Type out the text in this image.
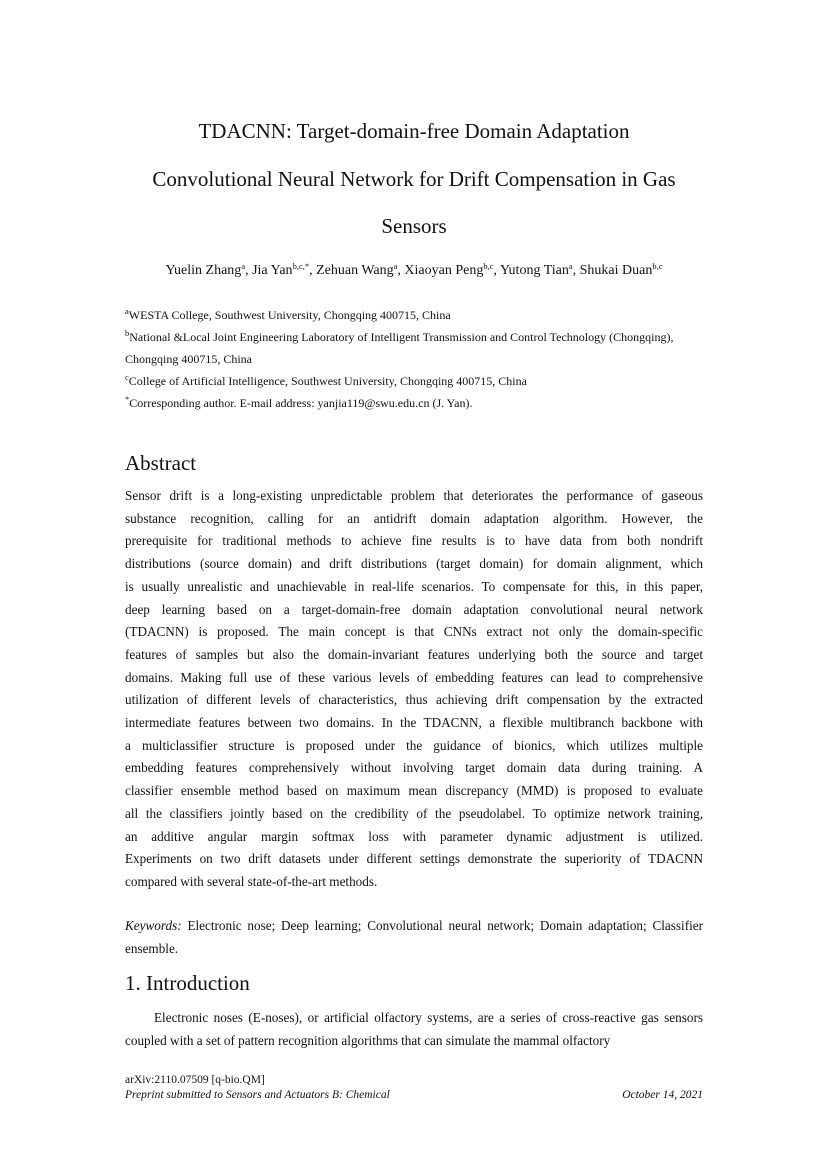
TDACNN: Target-domain-free Domain Adaptation
Convolutional Neural Network for Drift Compensation in Gas
Sensors
Yuelin Zhang$^a$, Jia Yan$^{b,c,*}$, Zehuan Wang$^a$, Xiaoyan Peng$^{b,c}$, Yutong Tian$^a$, Shukai Duan$^{b,c}$

$^a$WESTA College, Southwest University, Chongqing 400715, China

$^b$National &Local Joint Engineering Laboratory of Intelligent Transmission and Control Technology (Chongqing), Chongqing 400715, China

$^c$College of Artificial Intelligence, Southwest University, Chongqing 400715, China

*Corresponding author. E-mail address: yanjia119@swu.edu.cn (J. Yan).

Abstract
Sensor drift is a long-existing unpredictable problem that deteriorates the performance of gaseous
substance recognition, calling for an antidrift domain adaptation algorithm. However, the
prerequisite for traditional methods to achieve fine results is to have data from both nondrift
distributions (source domain) and drift distributions (target domain) for domain alignment, which
is usually unrealistic and unachievable in real-life scenarios. To compensate for this, in this paper,
deep learning based on a target-domain-free domain adaptation convolutional neural network
(TDACNN) is proposed. The main concept is that CNNs extract not only the domain-specific
features of samples but also the domain-invariant features underlying both the source and target
domains. Making full use of these various levels of embedding features can lead to comprehensive
utilization of different levels of characteristics, thus achieving drift compensation by the extracted
intermediate features between two domains. In the TDACNN, a flexible multibranch backbone with
a multiclassifier structure is proposed under the guidance of bionics, which utilizes multiple
embedding features comprehensively without involving target domain data during training. A
classifier ensemble method based on maximum mean discrepancy (MMD) is proposed to evaluate
all the classifiers jointly based on the credibility of the pseudolabel. To optimize network training,
an additive angular margin softmax loss with parameter dynamic adjustment is utilized.
Experiments on two drift datasets under different settings demonstrate the superiority of TDACNN
compared with several state-of-the-art methods.

Keywords: Electronic nose; Deep learning; Convolutional neural network; Domain adaptation; Classifier ensemble.

1. Introduction

Electronic noses (E-noses), or artificial olfactory systems, are a series of cross-reactive gas sensors coupled with a set of pattern recognition algorithms that can simulate the mammal olfactory

arXiv:2110.07509 [q-bio.QM]
Preprint submitted to Sensors and Actuators B: Chemical	October 14, 2021
